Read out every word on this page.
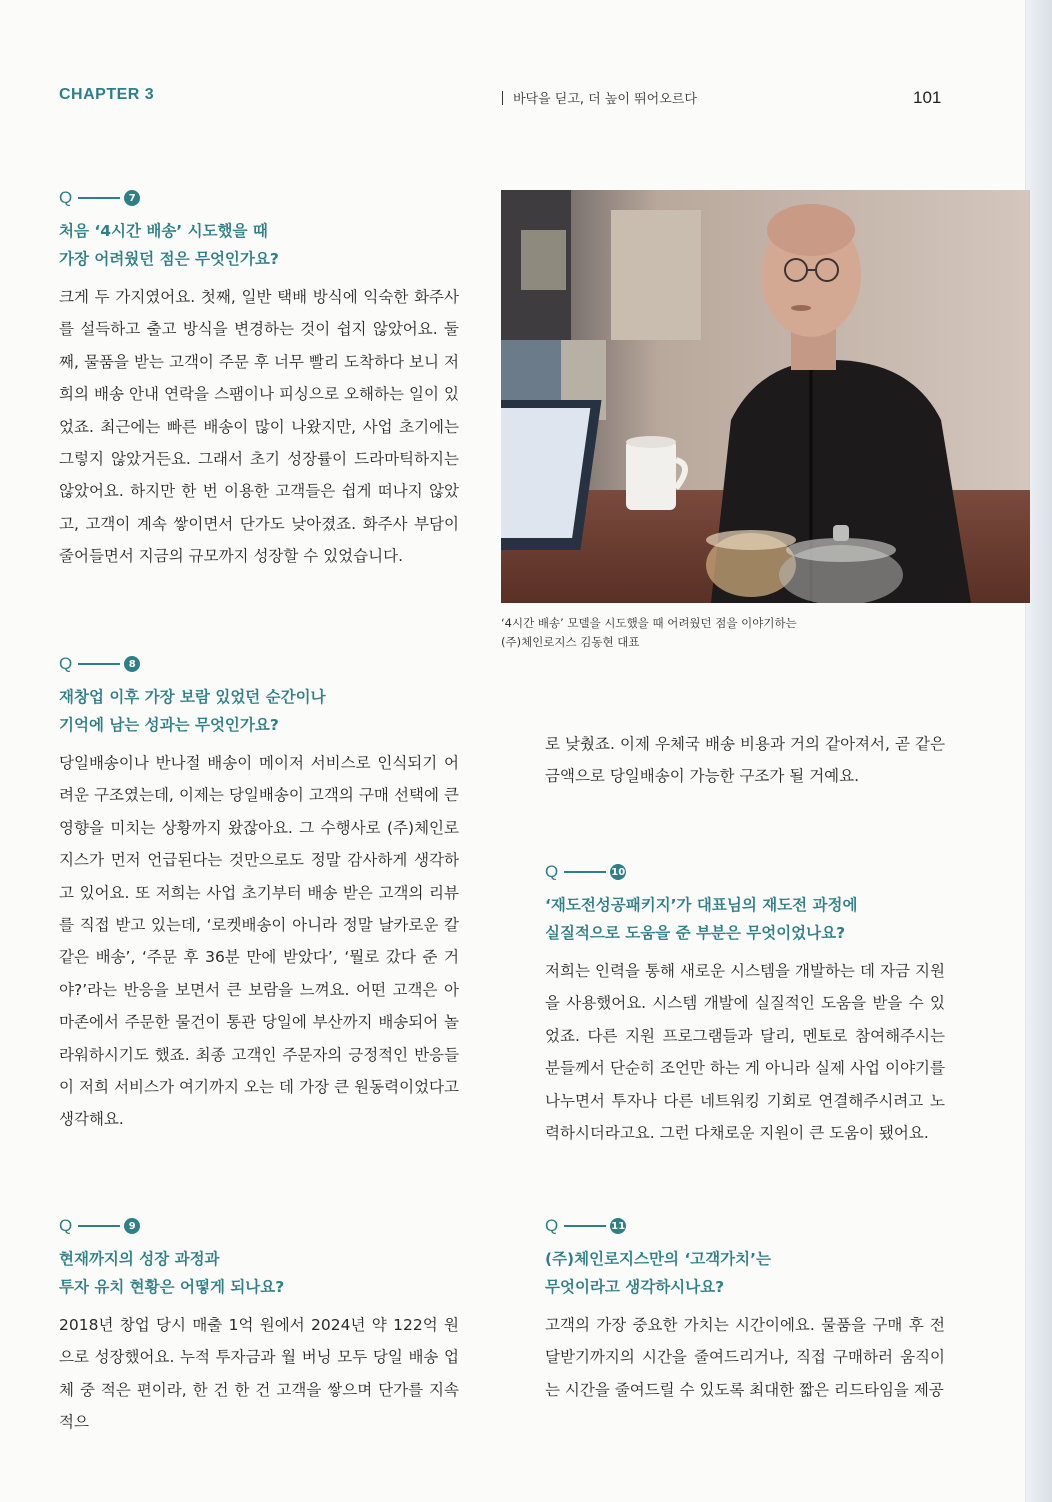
CHAPTER 3	바닥을 딛고, 더 높이 뛰어오르다	101
Q	7
처음 ‘4시간 배송’ 시도했을 때
가장 어려웠던 점은 무엇인가요?
크게 두 가지였어요. 첫째, 일반 택배 방식에 익숙한 화주사를 설득하고 출고 방식을 변경하는 것이 쉽지 않았어요. 둘째, 물품을 받는 고객이 주문 후 너무 빨리 도착하다 보니 저희의 배송 안내 연락을 스팸이나 피싱으로 오해하는 일이 있었죠. 최근에는 빠른 배송이 많이 나왔지만, 사업 초기에는 그렇지 않았거든요. 그래서 초기 성장률이 드라마틱하지는 않았어요. 하지만 한 번 이용한 고객들은 쉽게 떠나지 않았고, 고객이 계속 쌓이면서 단가도 낮아졌죠. 화주사 부담이 줄어들면서 지금의 규모까지 성장할 수 있었습니다.
‘4시간 배송’ 모델을 시도했을 때 어려웠던 점을 이야기하는
(주)체인로지스 김동현 대표
Q	8
재창업 이후 가장 보람 있었던 순간이나
기억에 남는 성과는 무엇인가요?
당일배송이나 반나절 배송이 메이저 서비스로 인식되기 어려운 구조였는데, 이제는 당일배송이 고객의 구매 선택에 큰 영향을 미치는 상황까지 왔잖아요. 그 수행사로 (주)체인로지스가 먼저 언급된다는 것만으로도 정말 감사하게 생각하고 있어요. 또 저희는 사업 초기부터 배송 받은 고객의 리뷰를 직접 받고 있는데, ‘로켓배송이 아니라 정말 날카로운 칼 같은 배송’, ‘주문 후 36분 만에 받았다’, ‘뭘로 갔다 준 거야?’라는 반응을 보면서 큰 보람을 느껴요. 어떤 고객은 아마존에서 주문한 물건이 통관 당일에 부산까지 배송되어 놀라워하시기도 했죠. 최종 고객인 주문자의 긍정적인 반응들이 저희 서비스가 여기까지 오는 데 가장 큰 원동력이었다고 생각해요.
Q	9
현재까지의 성장 과정과
투자 유치 현황은 어떻게 되나요?
2018년 창업 당시 매출 1억 원에서 2024년 약 122억 원으로 성장했어요. 누적 투자금과 월 버닝 모두 당일 배송 업체 중 적은 편이라, 한 건 한 건 고객을 쌓으며 단가를 지속적으
로 낮췄죠. 이제 우체국 배송 비용과 거의 같아져서, 곧 같은 금액으로 당일배송이 가능한 구조가 될 거예요.
Q	10
‘재도전성공패키지’가 대표님의 재도전 과정에
실질적으로 도움을 준 부분은 무엇이었나요?
저희는 인력을 통해 새로운 시스템을 개발하는 데 자금 지원을 사용했어요. 시스템 개발에 실질적인 도움을 받을 수 있었죠. 다른 지원 프로그램들과 달리, 멘토로 참여해주시는 분들께서 단순히 조언만 하는 게 아니라 실제 사업 이야기를 나누면서 투자나 다른 네트워킹 기회로 연결해주시려고 노력하시더라고요. 그런 다채로운 지원이 큰 도움이 됐어요.
Q	11
(주)체인로지스만의 ‘고객가치’는
무엇이라고 생각하시나요?
고객의 가장 중요한 가치는 시간이에요. 물품을 구매 후 전달받기까지의 시간을 줄여드리거나, 직접 구매하러 움직이는 시간을 줄여드릴 수 있도록 최대한 짧은 리드타임을 제공
